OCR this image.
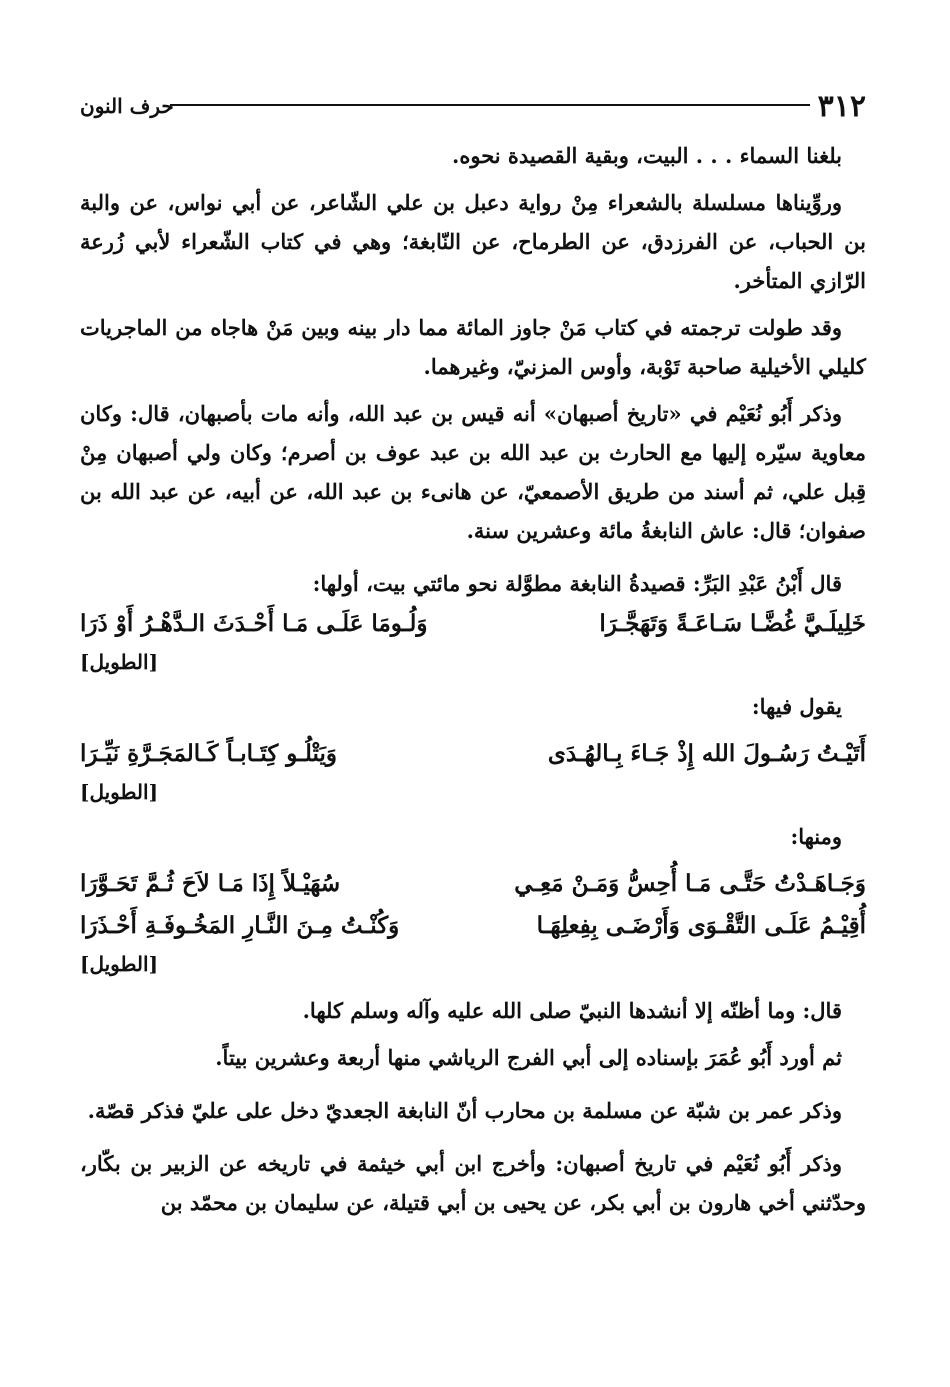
٣١٢
حرف النون

بلغنا السماء . . . البيت، وبقية القصيدة نحوه.

وروِّيناها مسلسلة بالشعراء مِنْ رواية دعبل بن علي الشّاعر، عن أبي نواس، عن والبة بن الحباب، عن الفرزدق، عن الطرماح، عن النّابغة؛ وهي في كتاب الشّعراء لأبي زُرعة الرّازي المتأخر.

وقد طولت ترجمته في كتاب مَنْ جاوز المائة مما دار بينه وبين مَنْ هاجاه من الماجريات كليلي الأخيلية صاحبة تَوْبة، وأوس المزنيّ، وغيرهما.

وذكر أَبُو نُعَيْم في «تاريخ أصبهان» أنه قيس بن عبد الله، وأنه مات بأصبهان، قال: وكان معاوية سيّره إليها مع الحارث بن عبد الله بن عبد عوف بن أصرم؛ وكان ولي أصبهان مِنْ قِبل علي، ثم أسند من طريق الأصمعيّ، عن هانىء بن عبد الله، عن أبيه، عن عبد الله بن صفوان؛ قال: عاش النابغةُ مائة وعشرين سنة.

قال أَبْنُ عَبْدِ البَرِّ: قصيدةُ النابغة مطوَّلة نحو مائتي بيت، أولها:

خَلِيلَـيَّ غُضَّـا سَـاعَـةً وَتَهَجَّـرَا
وَلُـومَا عَلَـى مَـا أَحْـدَثَ الـدَّهْـرُ أَوْ ذَرَا
[الطويل]
يقول فيها:
أَتَيْـتُ رَسُـولَ الله إِذْ جَـاءَ بِـالهُـدَى
وَيَتْلُـو كِتَـابـاً كَـالمَجَـرَّةِ نَيِّـرَا
[الطويل]
ومنها:
وَجَـاهَـدْتُ حَتَّـى مَـا أُحِسُّ وَمَـنْ مَعِـي
سُهَيْـلاً إِذَا مَـا لاَحَ ثُـمَّ تَحَـوَّرَا
أُقِيْـمُ عَلَـى التَّقْـوَى وَأَرْضَـى بِفِعلِهَـا
وَكُنْـتُ مِـنَ النَّـارِ المَخُـوفَـةِ أَحْـذَرَا
[الطويل]

قال: وما أظنّه إلا أنشدها النبيّ صلى الله عليه وآله وسلم كلها.

ثم أورد أَبُو عُمَرَ بإسناده إلى أبي الفرج الرياشي منها أربعة وعشرين بيتاً.

وذكر عمر بن شبّة عن مسلمة بن محارب أنّ النابغة الجعديّ دخل على عليّ فذكر قصّة.

وذكر أَبُو نُعَيْم في تاريخ أصبهان: وأخرج ابن أبي خيثمة في تاريخه عن الزبير بن بكّار، وحدّثني أخي هارون بن أبي بكر، عن يحيى بن أبي قتيلة، عن سليمان بن محمّد بن
